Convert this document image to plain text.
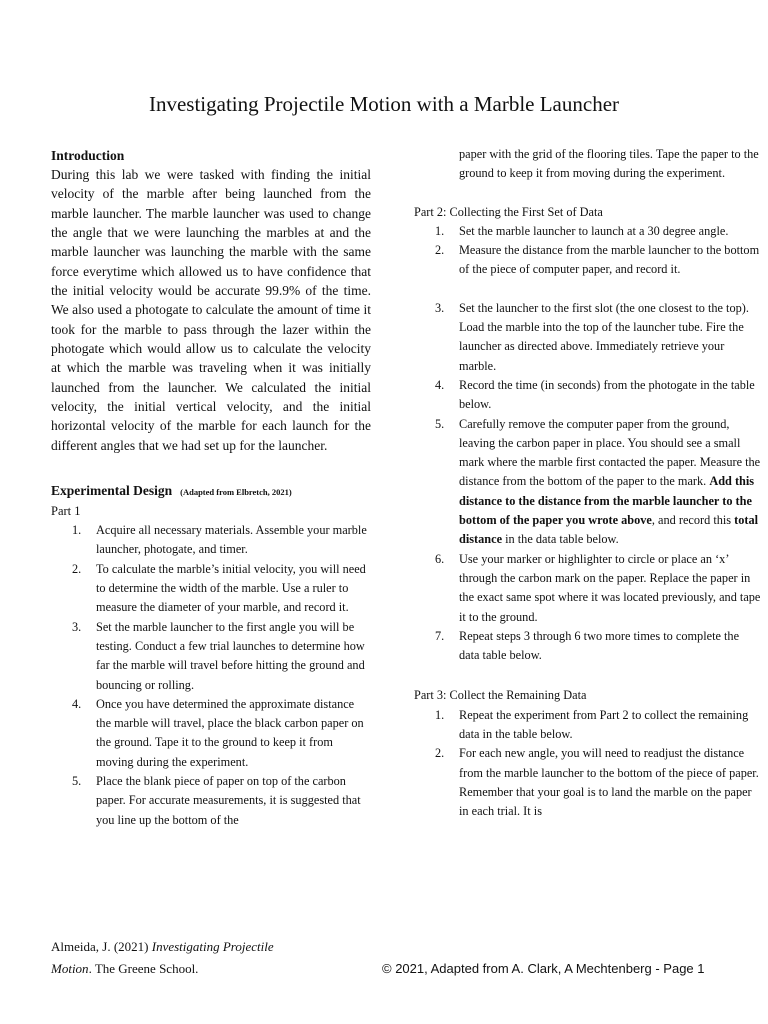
Investigating Projectile Motion with a Marble Launcher
Introduction

During this lab we were tasked with finding the initial velocity of the marble after being launched from the marble launcher. The marble launcher was used to change the angle that we were launching the marbles at and the marble launcher was launching the marble with the same force everytime which allowed us to have confidence that the initial velocity would be accurate 99.9% of the time. We also used a photogate to calculate the amount of time it took for the marble to pass through the lazer within the photogate which would allow us to calculate the velocity at which the marble was traveling when it was initially launched from the launcher. We calculated the initial velocity, the initial vertical velocity, and the initial horizontal velocity of the marble for each launch for the different angles that we had set up for the launcher.

Experimental Design (Adapted from Elbretch, 2021)
Part 1
1. Acquire all necessary materials. Assemble your marble launcher, photogate, and timer.
2. To calculate the marble’s initial velocity, you will need to determine the width of the marble. Use a ruler to measure the diameter of your marble, and record it.
3. Set the marble launcher to the first angle you will be testing. Conduct a few trial launches to determine how far the marble will travel before hitting the ground and bouncing or rolling.
4. Once you have determined the approximate distance the marble will travel, place the black carbon paper on the ground. Tape it to the ground to keep it from moving during the experiment.
5. Place the blank piece of paper on top of the carbon paper. For accurate measurements, it is suggested that you line up the bottom of the
paper with the grid of the flooring tiles. Tape the paper to the ground to keep it from moving during the experiment.
Part 2: Collecting the First Set of Data
1. Set the marble launcher to launch at a 30 degree angle.
2. Measure the distance from the marble launcher to the bottom of the piece of computer paper, and record it.
3. Set the launcher to the first slot (the one closest to the top). Load the marble into the top of the launcher tube. Fire the launcher as directed above. Immediately retrieve your marble.
4. Record the time (in seconds) from the photogate in the table below.
5. Carefully remove the computer paper from the ground, leaving the carbon paper in place. You should see a small mark where the marble first contacted the paper. Measure the distance from the bottom of the paper to the mark. Add this distance to the distance from the marble launcher to the bottom of the paper you wrote above, and record this total distance in the data table below.
6. Use your marker or highlighter to circle or place an ‘x’ through the carbon mark on the paper. Replace the paper in the exact same spot where it was located previously, and tape it to the ground.
7. Repeat steps 3 through 6 two more times to complete the data table below.
Part 3: Collect the Remaining Data
1. Repeat the experiment from Part 2 to collect the remaining data in the table below.
2. For each new angle, you will need to readjust the distance from the marble launcher to the bottom of the piece of paper. Remember that your goal is to land the marble on the paper in each trial. It is
Almeida, J. (2021) Investigating Projectile
Motion. The Greene School.	© 2021, Adapted from A. Clark, A Mechtenberg - Page 1
